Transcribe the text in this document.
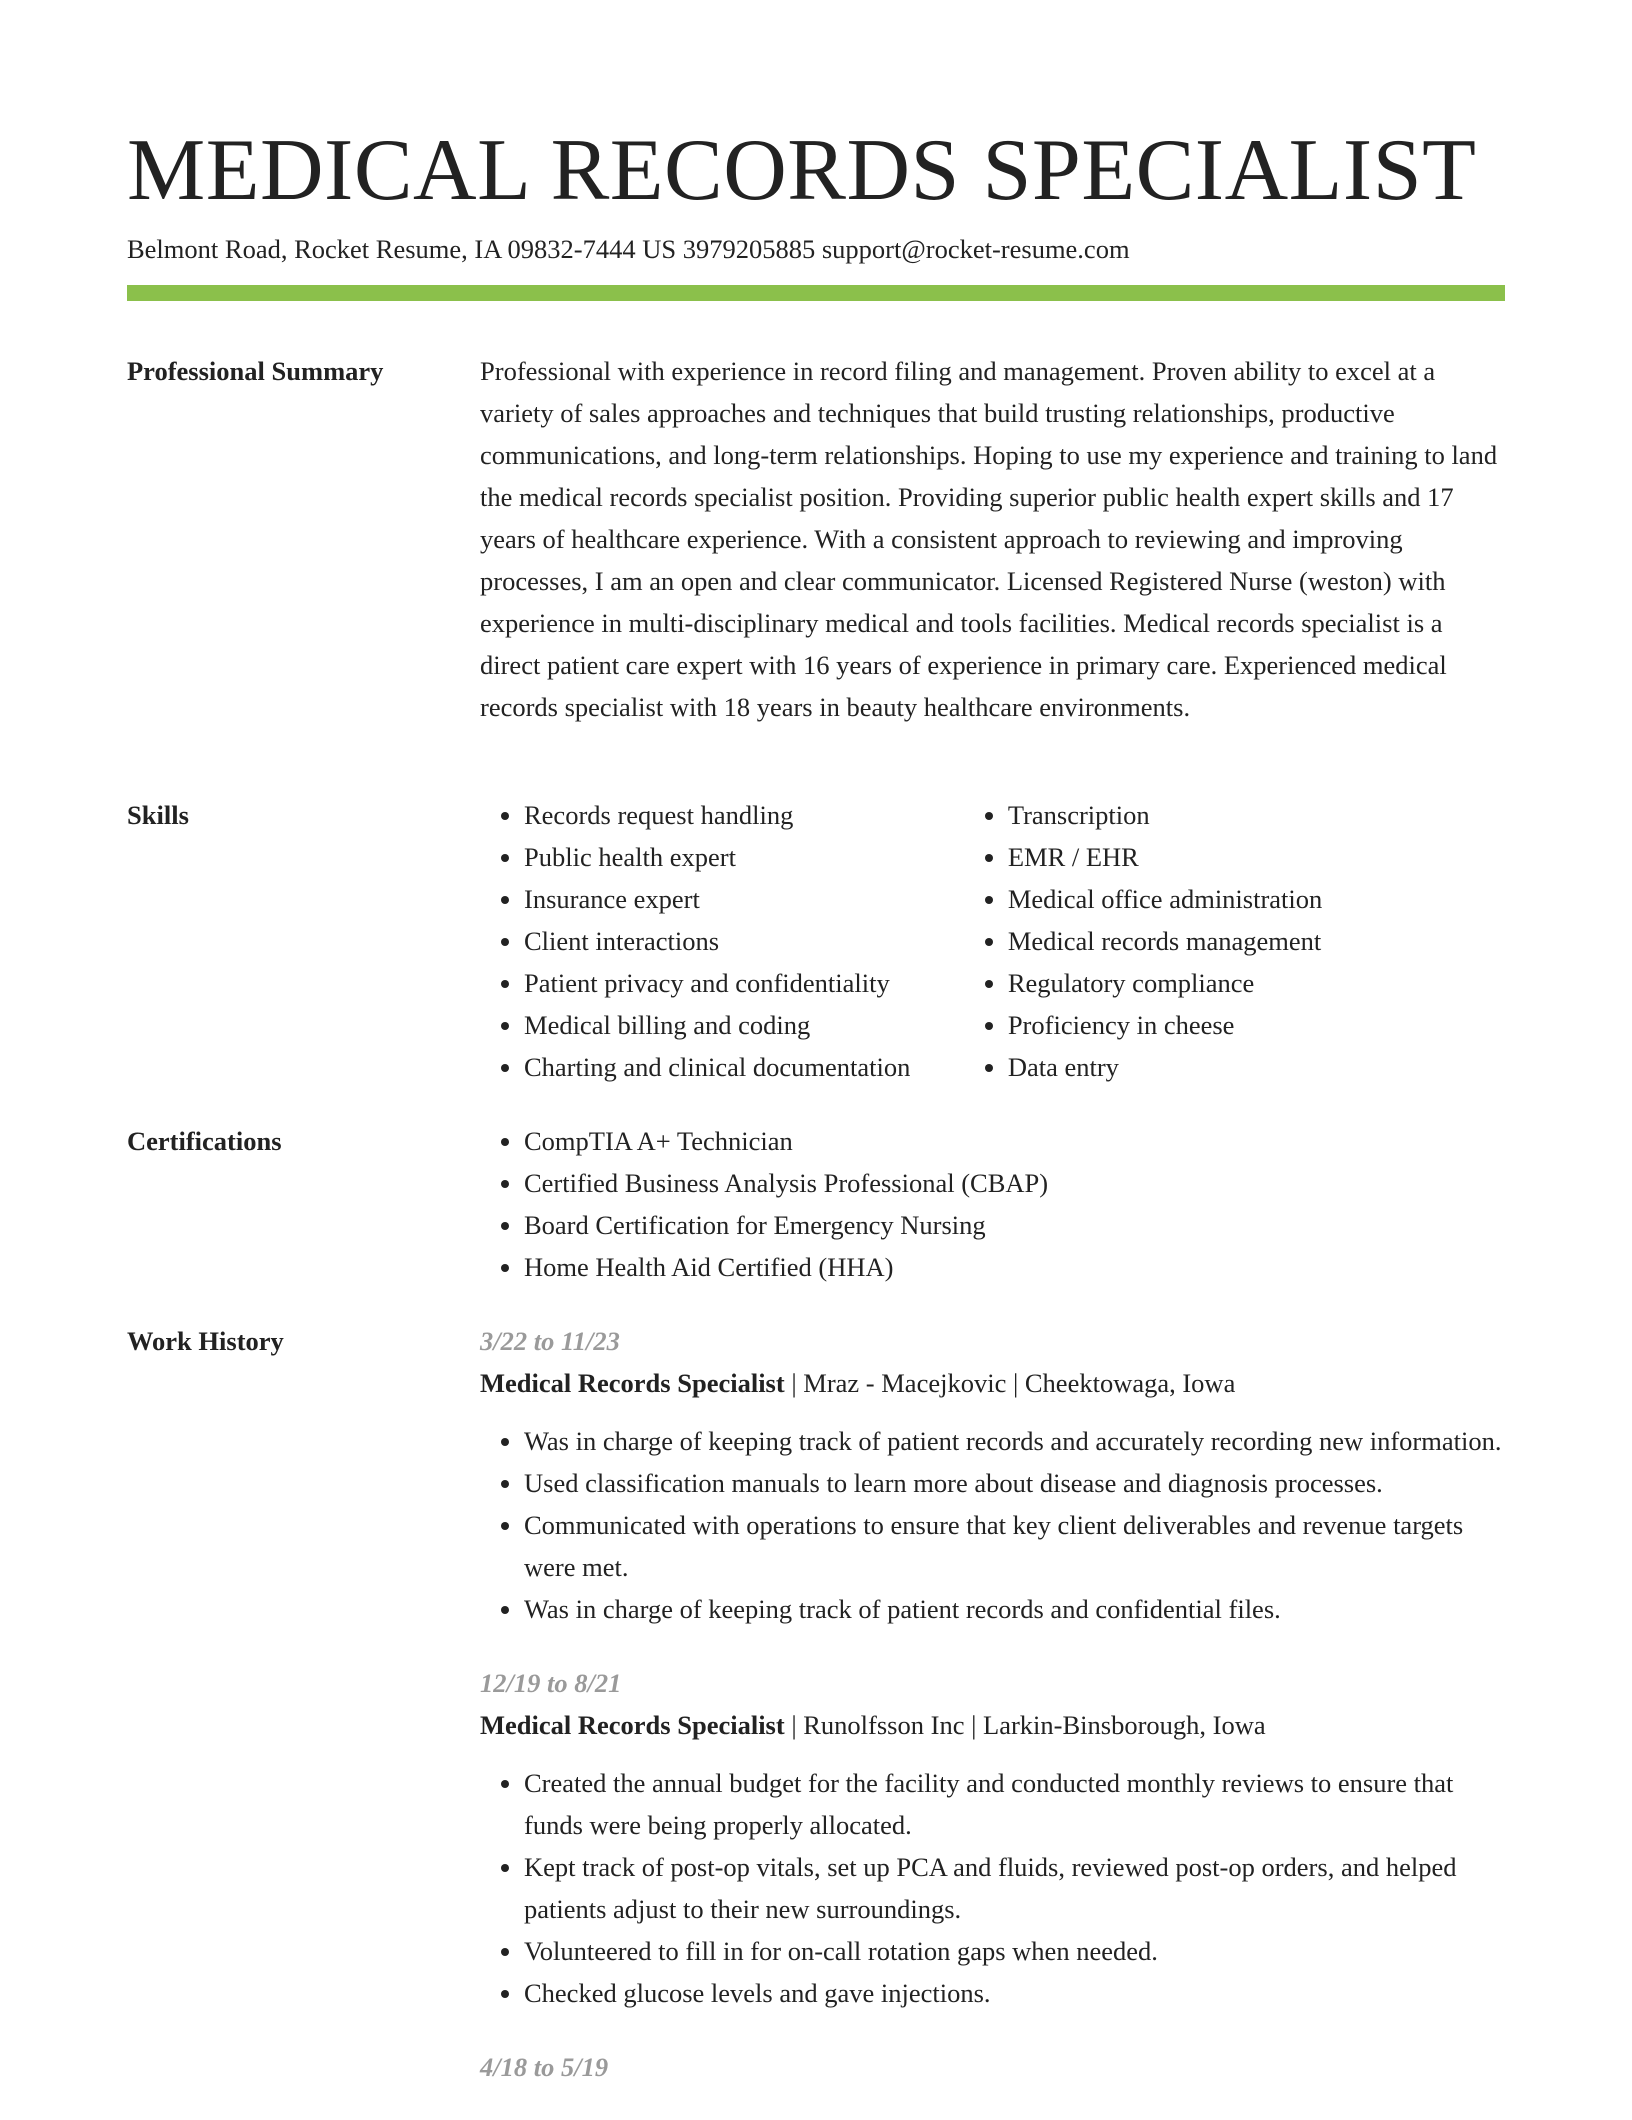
MEDICAL RECORDS SPECIALIST

Belmont Road, Rocket Resume, IA 09832-7444 US 3979205885 support@rocket-resume.com

Professional Summary	Professional with experience in record filing and management. Proven ability to excel at a variety of sales approaches and techniques that build trusting relationships, productive communications, and long-term relationships. Hoping to use my experience and training to land the medical records specialist position. Providing superior public health expert skills and 17 years of healthcare experience. With a consistent approach to reviewing and improving processes, I am an open and clear communicator. Licensed Registered Nurse (weston) with experience in multi-disciplinary medical and tools facilities. Medical records specialist is a direct patient care expert with 16 years of experience in primary care. Experienced medical records specialist with 18 years in beauty healthcare environments.

Skills	• Records request handling
• Public health expert
• Insurance expert
• Client interactions
• Patient privacy and confidentiality
• Medical billing and coding
• Charting and clinical documentation
• Transcription
• EMR / EHR
• Medical office administration
• Medical records management
• Regulatory compliance
• Proficiency in cheese
• Data entry
Certifications	• CompTIA A+ Technician
• Certified Business Analysis Professional (CBAP)
• Board Certification for Emergency Nursing
• Home Health Aid Certified (HHA)
Work History	3/22 to 11/23

Medical Records Specialist | Mraz - Macejkovic | Cheektowaga, Iowa

• Was in charge of keeping track of patient records and accurately recording new information.
• Used classification manuals to learn more about disease and diagnosis processes.
• Communicated with operations to ensure that key client deliverables and revenue targets were met.
• Was in charge of keeping track of patient records and confidential files.

12/19 to 8/21

Medical Records Specialist | Runolfsson Inc | Larkin-Binsborough, Iowa

• Created the annual budget for the facility and conducted monthly reviews to ensure that funds were being properly allocated.
• Kept track of post-op vitals, set up PCA and fluids, reviewed post-op orders, and helped patients adjust to their new surroundings.
• Volunteered to fill in for on-call rotation gaps when needed.
• Checked glucose levels and gave injections.

4/18 to 5/19
